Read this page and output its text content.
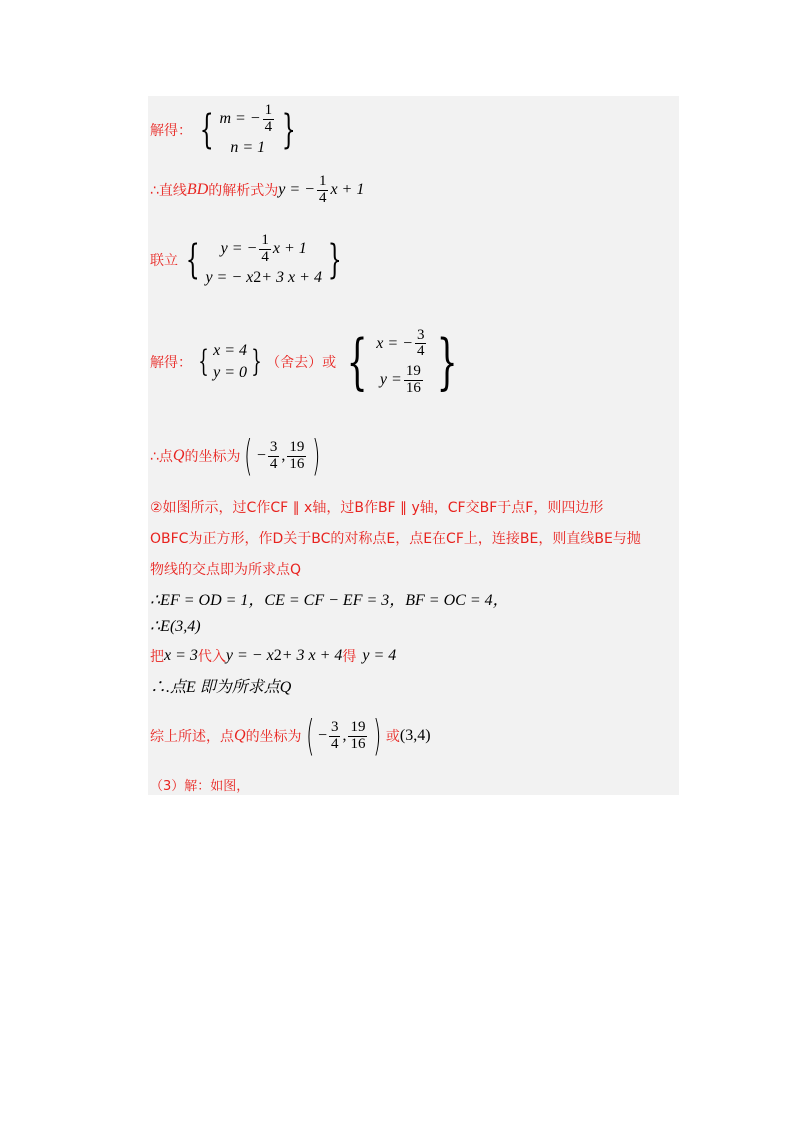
解得： { m = − $\frac{1}{4}$
n = 1 {
∴直线 BD 的解析式为 y = − $\frac{1}{4}$ x + 1
联立 { y = − $\frac{1}{4}$ x + 1
y = − x 2 + 3 x + 4 {
解得： { x = 4
y = 0 { （舍去）或 { x = − $\frac{3}{4}$
$y = \frac{19}{16}$ {
∴点 Q 的坐标为 ( − $\frac{3}{4}$ , $\frac{19}{16}$ )
②如图所示，过C作CF ∥ x轴，过B作BF ∥ y轴，CF交BF于点F，则四边形
OBFC为正方形，作D关于BC的对称点E，点E在CF上，连接BE，则直线BE与抛
物线的交点即为所求点Q
∴EF = OD = 1，CE = CF − EF = 3，BF = OC = 4，
∴E(3,4)
把 x = 3 代入 y = − x 2 + 3 x + 4 得 y = 4
∴.点E 即为所求点Q
综上所述，点 Q 的坐标为 ( − $\frac{3}{4}$ , $\frac{19}{16}$ ) 或 (3,4)
（3）解：如图，
